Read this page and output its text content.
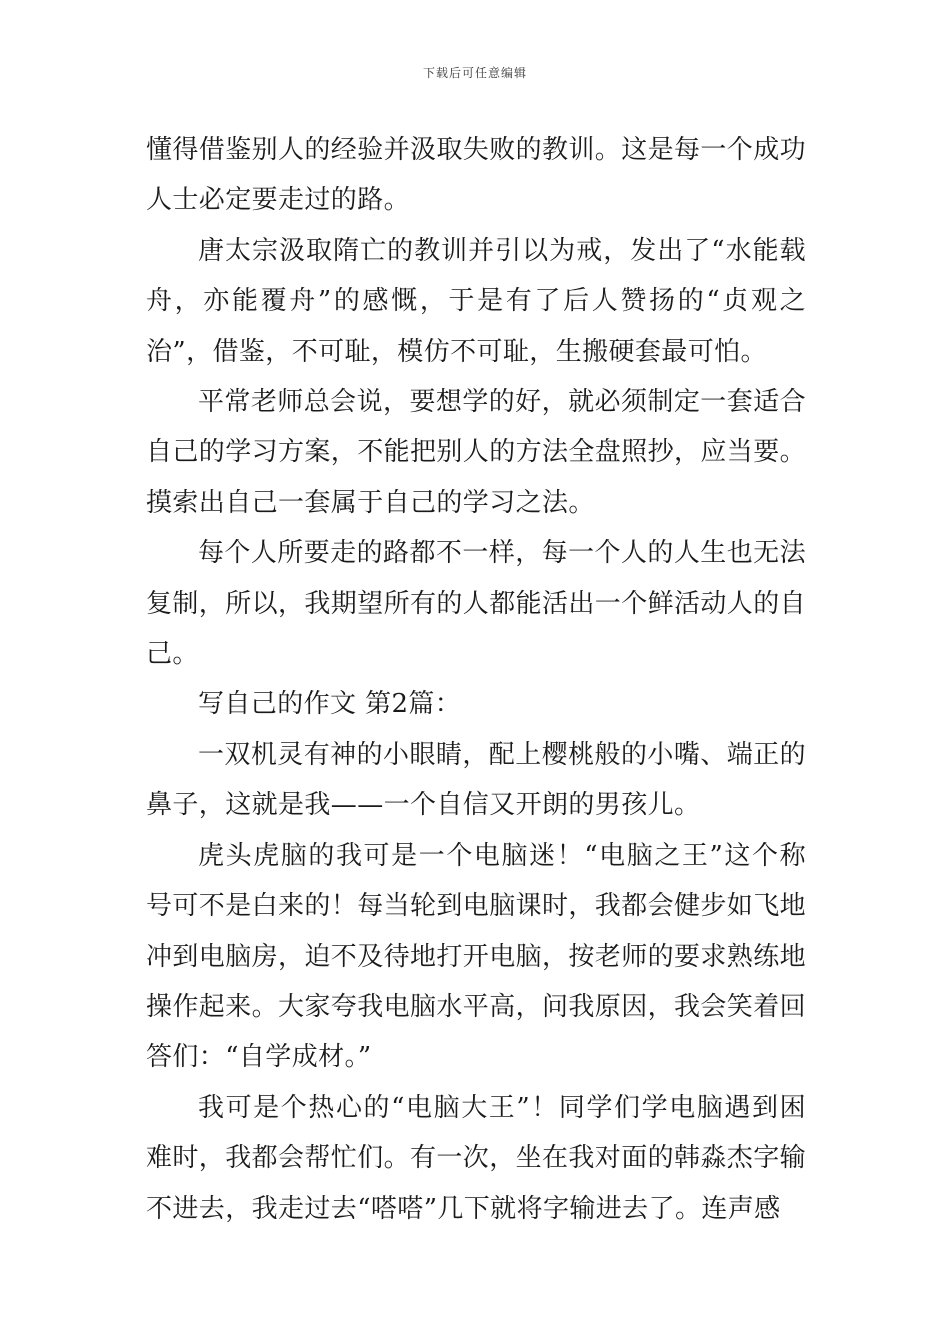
下载后可任意编辑

懂得借鉴别人的经验并汲取失败的教训。这是每一个成功人士必定要走过的路。

唐太宗汲取隋亡的教训并引以为戒，发出了“水能载舟，亦能覆舟”的感慨，于是有了后人赞扬的“贞观之治”，借鉴，不可耻，模仿不可耻，生搬硬套最可怕。

平常老师总会说，要想学的好，就必须制定一套适合自己的学习方案，不能把别人的方法全盘照抄，应当要。摸索出自己一套属于自己的学习之法。

每个人所要走的路都不一样，每一个人的人生也无法复制，所以，我期望所有的人都能活出一个鲜活动人的自己。

写自己的作文 第2篇：

一双机灵有神的小眼睛，配上樱桃般的小嘴、端正的鼻子，这就是我——一个自信又开朗的男孩儿。

虎头虎脑的我可是一个电脑迷！“电脑之王”这个称号可不是白来的！每当轮到电脑课时，我都会健步如飞地冲到电脑房，迫不及待地打开电脑，按老师的要求熟练地操作起来。大家夸我电脑水平高，问我原因，我会笑着回答们：“自学成材。”

我可是个热心的“电脑大王”！同学们学电脑遇到困难时，我都会帮忙们。有一次，坐在我对面的韩淼杰字输不进去，我走过去“嗒嗒”几下就将字输进去了。连声感
